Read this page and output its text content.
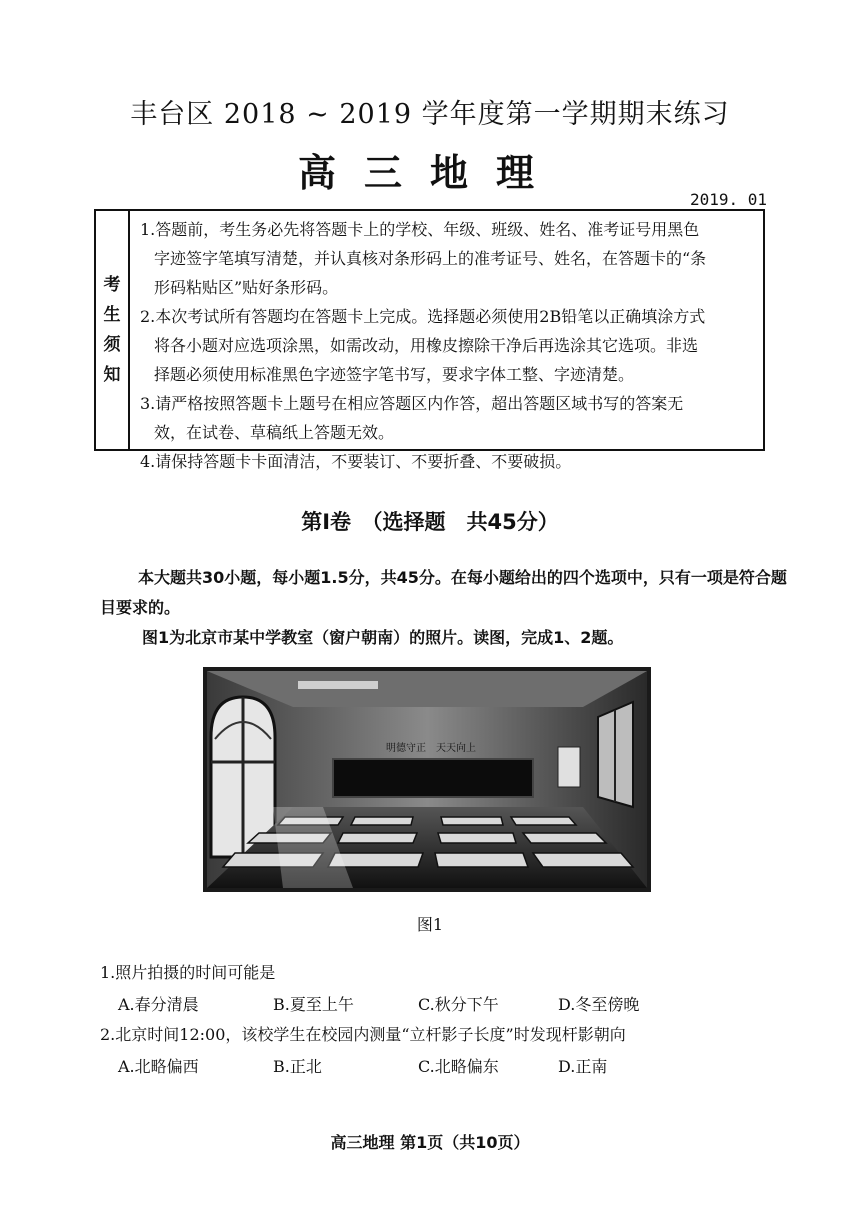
丰台区 2018 ~ 2019 学年度第一学期期末练习
高三地理
2019. 01
考
生
须
知
1.答题前，考生务必先将答题卡上的学校、年级、班级、姓名、准考证号用黑色
字迹签字笔填写清楚，并认真核对条形码上的准考证号、姓名，在答题卡的“条
形码粘贴区”贴好条形码。
2.本次考试所有答题均在答题卡上完成。选择题必须使用2B铅笔以正确填涂方式
将各小题对应选项涂黑，如需改动，用橡皮擦除干净后再选涂其它选项。非选
择题必须使用标准黑色字迹签字笔书写，要求字体工整、字迹清楚。
3.请严格按照答题卡上题号在相应答题区内作答，超出答题区域书写的答案无
效，在试卷、草稿纸上答题无效。
4.请保持答题卡卡面清洁，不要装订、不要折叠、不要破损。
第Ⅰ卷　（选择题　共45分）
本大题共30小题，每小题1.5分，共45分。在每小题给出的四个选项中，只有一项是符合题目要求的。
图1为北京市某中学教室（窗户朝南）的照片。读图，完成1、2题。
明德守正　天天向上
图1
1.照片拍摄的时间可能是
A.春分清晨	B.夏至上午	C.秋分下午	D.冬至傍晚
2.北京时间12:00，该校学生在校园内测量“立杆影子长度”时发现杆影朝向
A.北略偏西	B.正北	C.北略偏东	D.正南
高三地理 第1页（共10页）
